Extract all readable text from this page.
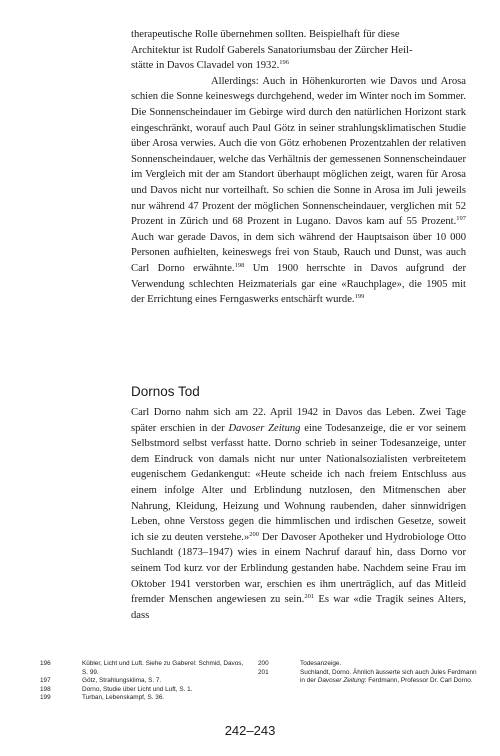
therapeutische Rolle übernehmen sollten. Beispielhaft für diese
Architektur ist Rudolf Gaberels Sanatoriumsbau der Zürcher Heil-
stätte in Davos Clavadel von 1932.$^{196}$

Allerdings: Auch in Höhenkurorten wie Davos und Arosa schien die Sonne keineswegs durchgehend, weder im Winter noch im Sommer. Die Sonnenscheindauer im Gebirge wird durch den natürlichen Horizont stark eingeschränkt, worauf auch Paul Götz in seiner strahlungsklimatischen Studie über Arosa verwies. Auch die von Götz erhobenen Prozentzahlen der relativen Sonnenscheindauer, welche das Verhältnis der gemessenen Sonnenscheindauer im Vergleich mit der am Standort überhaupt möglichen zeigt, waren für Arosa und Davos nicht nur vorteilhaft. So schien die Sonne in Arosa im Juli jeweils nur während 47 Prozent der möglichen Sonnenscheindauer, verglichen mit 52 Prozent in Zürich und 68 Prozent in Lugano. Davos kam auf 55 Prozent.$^{197}$ Auch war gerade Davos, in dem sich während der Hauptsaison über 10 000 Personen aufhielten, keineswegs frei von Staub, Rauch und Dunst, was auch Carl Dorno erwähnte.$^{198}$ Um 1900 herrschte in Davos aufgrund der Verwendung schlechten Heizmaterials gar eine «Rauchplage», die 1905 mit der Errichtung eines Ferngaswerks entschärft wurde.$^{199}$

Dornos Tod

Carl Dorno nahm sich am 22. April 1942 in Davos das Leben. Zwei Tage später erschien in der Davoser Zeitung eine Todesanzeige, die er vor seinem Selbstmord selbst verfasst hatte. Dorno schrieb in seiner Todesanzeige, unter dem Eindruck von damals nicht nur unter Nationalsozialisten verbreitetem eugenischem Gedankengut: «Heute scheide ich nach freiem Entschluss aus einem infolge Alter und Erblindung nutzlosen, den Mitmenschen aber Nahrung, Kleidung, Heizung und Wohnung raubenden, daher sinnwidrigen Leben, ohne Verstoss gegen die himmlischen und irdischen Gesetze, soweit ich sie zu deuten verstehe.»$^{200}$ Der Davoser Apotheker und Hydrobiologe Otto Suchlandt (1873–1947) wies in einem Nachruf darauf hin, dass Dorno vor seinem Tod kurz vor der Erblindung gestanden habe. Nachdem seine Frau im Oktober 1941 verstorben war, erschien es ihm unerträglich, auf das Mitleid fremder Menschen angewiesen zu sein.$^{201}$ Es war «die Tragik seines Alters, dass

196	Kübler, Licht und Luft. Siehe zu Gaberel: Schmid, Davos, S. 99.
197	Götz, Strahlungsklima, S. 7.
198	Dorno, Studie über Licht und Luft, S. 1.
199	Turban, Lebenskampf, S. 36.
200	Todesanzeige.
201	Suchlandt, Dorno. Ähnlich äusserte sich auch Jules Ferdmann in der Davoser Zeitung: Ferdmann, Professor Dr. Carl Dorno.
242–243
